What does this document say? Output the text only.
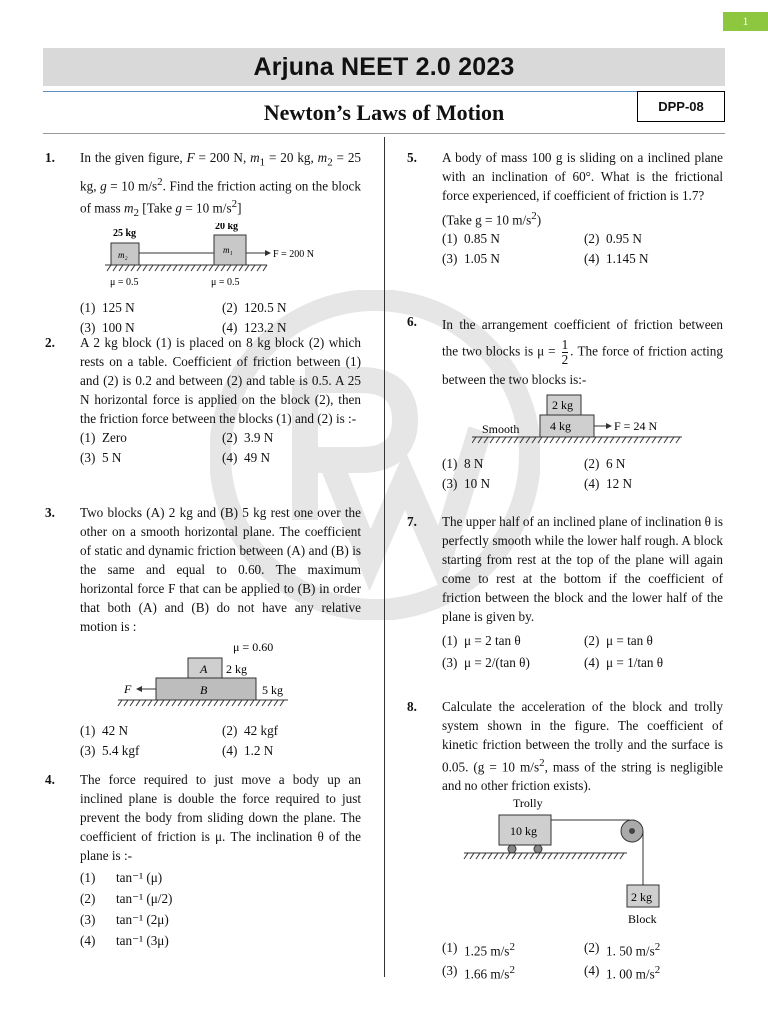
1
Arjuna NEET 2.0 2023
Newton’s Laws of Motion	DPP-08
1. In the given figure, F = 200 N, $m_1 = 20$ kg, $m_2 = 25$ kg, g = 10 $m/s^2$. Find the friction acting on the block of mass $m_2$ [Take g = 10 $m/s^2$]

25 kg
20 kg
m₂	m₁	F = 200 N
μ = 0.5	μ = 0.5
(1) 125 N	(2) 120.5 N
(3) 100 N	(4) 123.2 N
2. A 2 kg block (1) is placed on 8 kg block (2) which rests on a table. Coefficient of friction between (1) and (2) is 0.2 and between (2) and table is 0.5. A 25 N horizontal force is applied on the block (2), then the friction force between the blocks (1) and (2) is :-

(1) Zero	(2) 3.9 N
(3) 5 N	(4) 49 N
3. Two blocks (A) 2 kg and (B) 5 kg rest one over the other on a smooth horizontal plane. The coefficient of static and dynamic friction between (A) and (B) is the same and equal to 0.60. The maximum horizontal force F that can be applied to (B) in order that both (A) and (B) do not have any relative motion is :

μ = 0.60
A 2 kg
B	5 kg
F
(1) 42 N	(2) 42 kgf
(3) 5.4 kgf	(4) 1.2 N
4. The force required to just move a body up an inclined plane is double the force required to just prevent the body from sliding down the plane. The coefficient of friction is μ. The inclination θ of the plane is :-

(1)	tan⁻¹ (μ)
(2)	tan⁻¹ (μ/2)
(3)	tan⁻¹ (2μ)
(4)	tan⁻¹ (3μ)
5. A body of mass 100 g is sliding on a inclined plane with an inclination of 60°. What is the frictional force experienced, if coefficient of friction is 1.7?

(Take g = 10 $m/s^2$)

(1) 0.85 N	(2) 0.95 N
(3) 1.05 N	(4) 1.145 N
6. In the arrangement coefficient of friction between the two blocks is $\mu = \frac{1}{2}$ . The force of friction acting between the two blocks is:-

2 kg
4 kg	F = 24 N
Smooth
(1) 8 N	(2) 6 N
(3) 10 N	(4) 12 N
7. The upper half of an inclined plane of inclination θ is perfectly smooth while the lower half rough. A block starting from rest at the top of the plane will again come to rest at the bottom if the coefficient of friction between the block and the lower half of the plane is given by.

(1) μ = 2 tan θ	(2) μ = tan θ
(3) μ = 2/(tan θ)	(4) μ = 1/tan θ
8. Calculate the acceleration of the block and trolly system shown in the figure. The coefficient of kinetic friction between the trolly and the surface is 0.05. (g = 10 $m/s^2$, mass of the string is negligible and no other friction exists).

Trolly
10 kg
2 kg
Block
(1) 1.25 $m/s^2$	(2) 1. 50 $m/s^2$
(3) 1.66 $m/s^2$	(4) 1. 00 $m/s^2$
